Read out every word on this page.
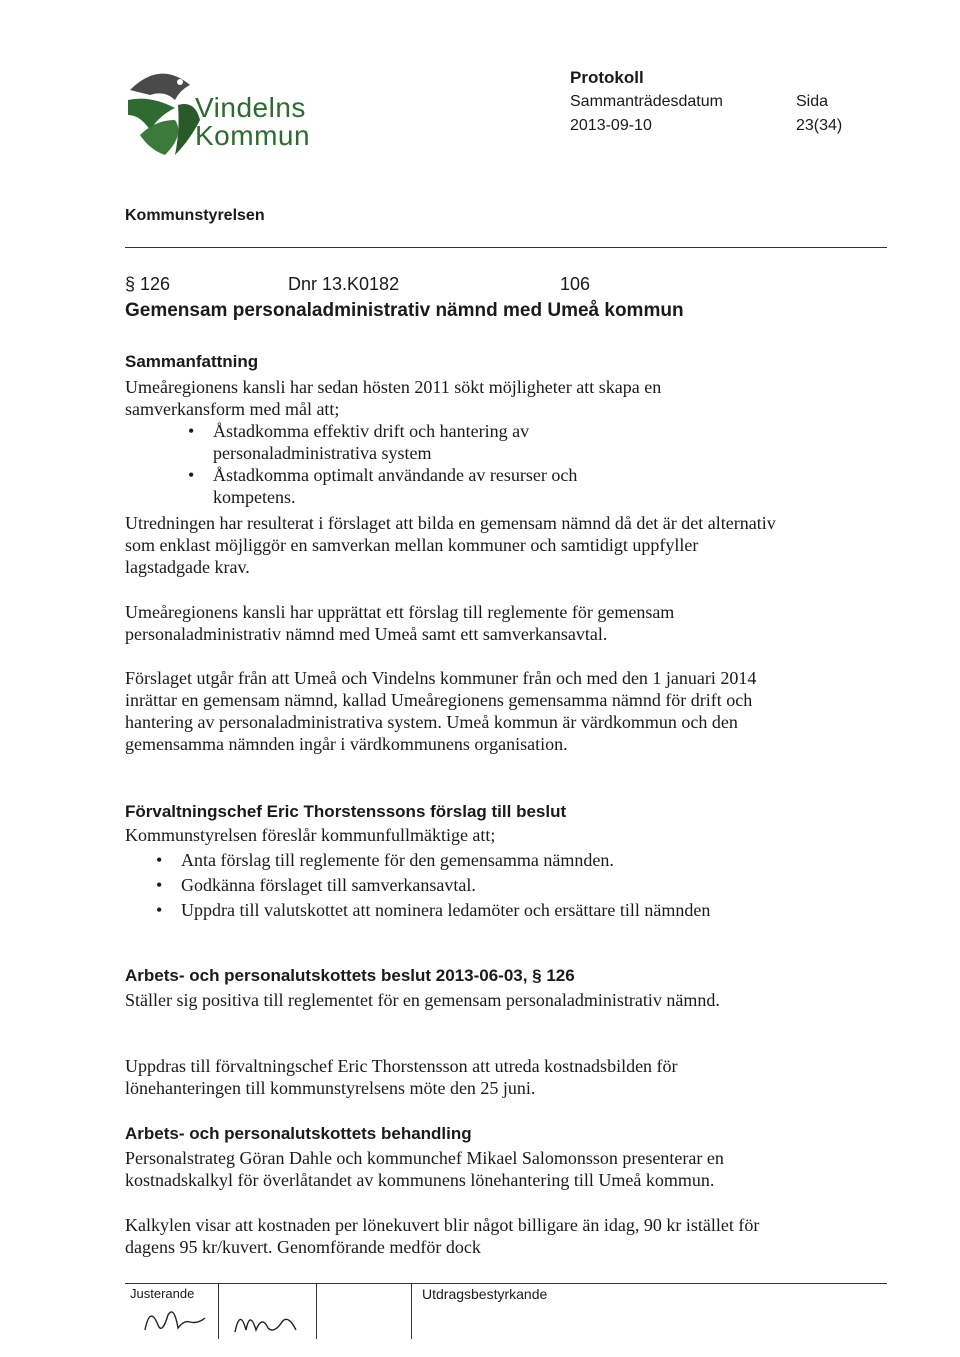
Vindelns
Kommun
Protokoll
Sammanträdesdatum
2013-09-10
Sida
23(34)
Kommunstyrelsen
§ 126	Dnr 13.K0182	106
Gemensam personaladministrativ nämnd med Umeå kommun
Sammanfattning
Umeåregionens kansli har sedan hösten 2011 sökt möjligheter att skapa en samverkansform med mål att;
• Åstadkomma effektiv drift och hantering av personaladministrativa system
• Åstadkomma optimalt användande av resurser och kompetens.
Utredningen har resulterat i förslaget att bilda en gemensam nämnd då det är det alternativ som enklast möjliggör en samverkan mellan kommuner och samtidigt uppfyller lagstadgade krav.
Umeåregionens kansli har upprättat ett förslag till reglemente för gemensam personaladministrativ nämnd med Umeå samt ett samverkansavtal.
Förslaget utgår från att Umeå och Vindelns kommuner från och med den 1 januari 2014 inrättar en gemensam nämnd, kallad Umeåregionens gemensamma nämnd för drift och hantering av personaladministrativa system. Umeå kommun är värdkommun och den gemensamma nämnden ingår i värdkommunens organisation.
Förvaltningschef Eric Thorstenssons förslag till beslut
Kommunstyrelsen föreslår kommunfullmäktige att;
• Anta förslag till reglemente för den gemensamma nämnden.
• Godkänna förslaget till samverkansavtal.
• Uppdra till valutskottet att nominera ledamöter och ersättare till nämnden
Arbets- och personalutskottets beslut 2013-06-03, § 126
Ställer sig positiva till reglementet för en gemensam personaladministrativ nämnd.
Uppdras till förvaltningschef Eric Thorstensson att utreda kostnadsbilden för lönehanteringen till kommunstyrelsens möte den 25 juni.
Arbets- och personalutskottets behandling
Personalstrateg Göran Dahle och kommunchef Mikael Salomonsson presenterar en kostnadskalkyl för överlåtandet av kommunens lönehantering till Umeå kommun.
Kalkylen visar att kostnaden per lönekuvert blir något billigare än idag, 90 kr istället för dagens 95 kr/kuvert. Genomförande medför dock
Justerande	Utdragsbestyrkande
